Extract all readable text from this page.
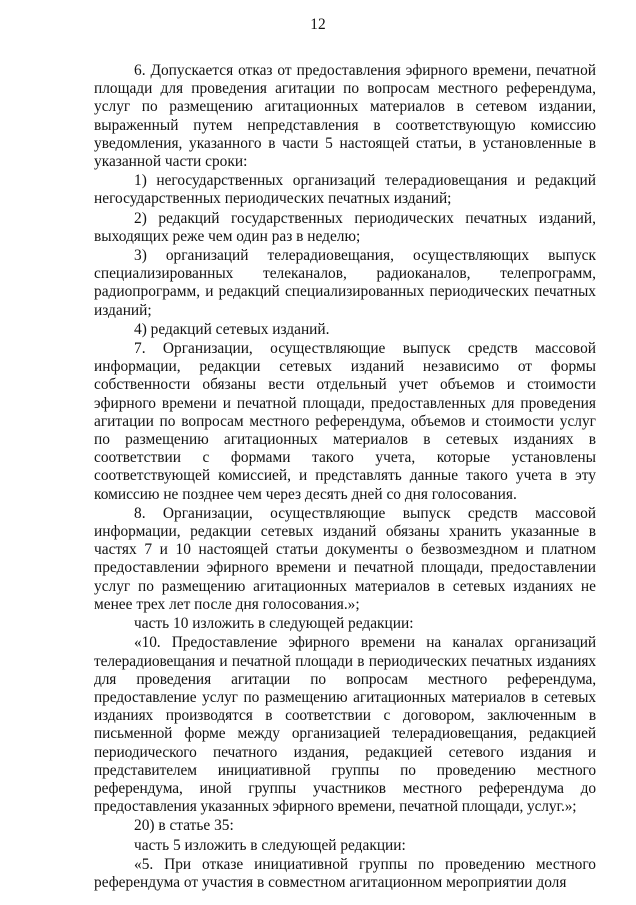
12

6. Допускается отказ от предоставления эфирного времени, печатной площади для проведения агитации по вопросам местного референдума, услуг по размещению агитационных материалов в сетевом издании, выраженный путем непредставления в соответствующую комиссию уведомления, указанного в части 5 настоящей статьи, в установленные в указанной части сроки:

1) негосударственных организаций телерадиовещания и редакций негосударственных периодических печатных изданий;

2) редакций государственных периодических печатных изданий, выходящих реже чем один раз в неделю;

3) организаций телерадиовещания, осуществляющих выпуск специализированных телеканалов, радиоканалов, телепрограмм, радиопрограмм, и редакций специализированных периодических печатных изданий;

4) редакций сетевых изданий.

7. Организации, осуществляющие выпуск средств массовой информации, редакции сетевых изданий независимо от формы собственности обязаны вести отдельный учет объемов и стоимости эфирного времени и печатной площади, предоставленных для проведения агитации по вопросам местного референдума, объемов и стоимости услуг по размещению агитационных материалов в сетевых изданиях в соответствии с формами такого учета, которые установлены соответствующей комиссией, и представлять данные такого учета в эту комиссию не позднее чем через десять дней со дня голосования.

8. Организации, осуществляющие выпуск средств массовой информации, редакции сетевых изданий обязаны хранить указанные в частях 7 и 10 настоящей статьи документы о безвозмездном и платном предоставлении эфирного времени и печатной площади, предоставлении услуг по размещению агитационных материалов в сетевых изданиях не менее трех лет после дня голосования.»;

часть 10 изложить в следующей редакции:

«10. Предоставление эфирного времени на каналах организаций телерадиовещания и печатной площади в периодических печатных изданиях для проведения агитации по вопросам местного референдума, предоставление услуг по размещению агитационных материалов в сетевых изданиях производятся в соответствии с договором, заключенным в письменной форме между организацией телерадиовещания, редакцией периодического печатного издания, редакцией сетевого издания и представителем инициативной группы по проведению местного референдума, иной группы участников местного референдума до предоставления указанных эфирного времени, печатной площади, услуг.»;

20) в статье 35:

часть 5 изложить в следующей редакции:

«5. При отказе инициативной группы по проведению местного референдума от участия в совместном агитационном мероприятии доля
